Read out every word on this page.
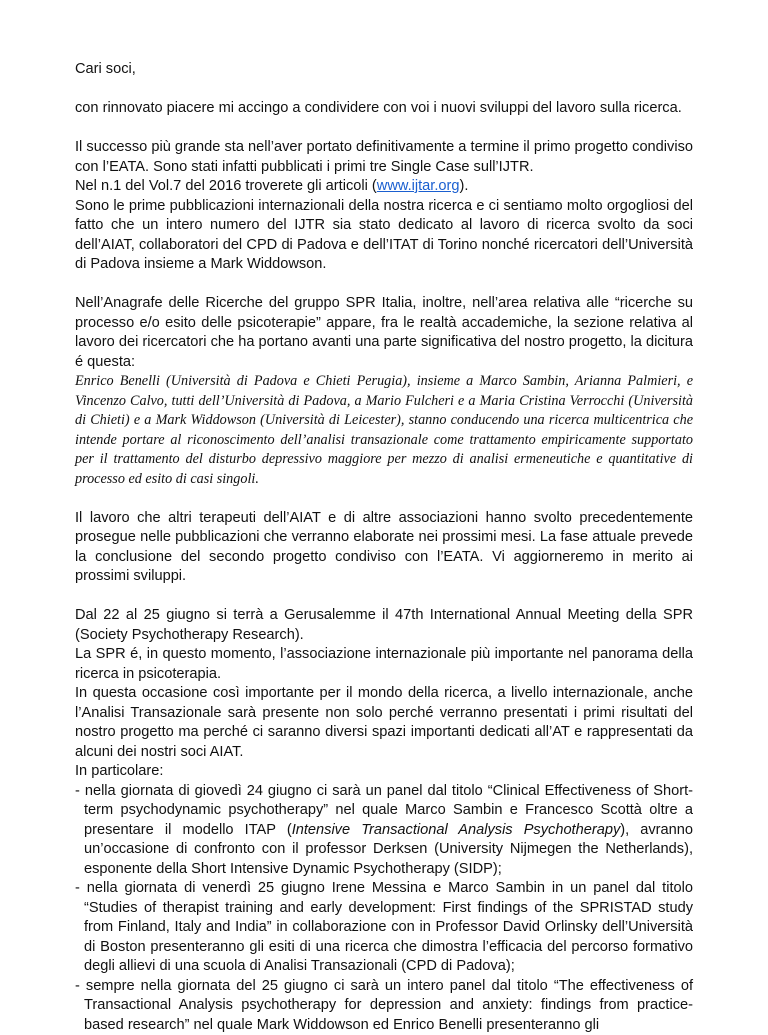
Cari soci,

con rinnovato piacere mi accingo a condividere con voi i nuovi sviluppi del lavoro sulla ricerca.

Il successo più grande sta nell’aver portato definitivamente a termine il primo progetto condiviso con l’EATA. Sono stati infatti pubblicati i primi tre Single Case sull’IJTR.

Nel n.1 del Vol.7 del 2016 troverete gli articoli (www.ijtar.org).

Sono le prime pubblicazioni internazionali della nostra ricerca e ci sentiamo molto orgogliosi del fatto che un intero numero del IJTR sia stato dedicato al lavoro di ricerca svolto da soci dell’AIAT, collaboratori del CPD di Padova e dell’ITAT di Torino nonché ricercatori dell’Università di Padova insieme a Mark Widdowson.

Nell’Anagrafe delle Ricerche del gruppo SPR Italia, inoltre, nell’area relativa alle “ricerche su processo e/o esito delle psicoterapie” appare, fra le realtà accademiche, la sezione relativa al lavoro dei ricercatori che ha portano avanti una parte significativa del nostro progetto, la dicitura é questa:

Enrico Benelli (Università di Padova e Chieti Perugia), insieme a Marco Sambin, Arianna Palmieri, e Vincenzo Calvo, tutti dell’Università di Padova, a Mario Fulcheri e a Maria Cristina Verrocchi (Università di Chieti) e a Mark Widdowson (Università di Leicester), stanno conducendo una ricerca multicentrica che intende portare al riconoscimento dell’analisi transazionale come trattamento empiricamente supportato per il trattamento del disturbo depressivo maggiore per mezzo di analisi ermeneutiche e quantitative di processo ed esito di casi singoli.

Il lavoro che altri terapeuti dell’AIAT e di altre associazioni hanno svolto precedentemente prosegue nelle pubblicazioni che verranno elaborate nei prossimi mesi. La fase attuale prevede la conclusione del secondo progetto condiviso con l’EATA. Vi aggiorneremo in merito ai prossimi sviluppi.

Dal 22 al 25 giugno si terrà a Gerusalemme il 47th International Annual Meeting della SPR (Society Psychotherapy Research).

La SPR é, in questo momento, l’associazione internazionale più importante nel panorama della ricerca in psicoterapia.

In questa occasione così importante per il mondo della ricerca, a livello internazionale, anche l’Analisi Transazionale sarà presente non solo perché verranno presentati i primi risultati del nostro progetto ma perché ci saranno diversi spazi importanti dedicati all’AT e rappresentati da alcuni dei nostri soci AIAT.

In particolare:

- nella giornata di giovedì 24 giugno ci sarà un panel dal titolo “Clinical Effectiveness of Short-term psychodynamic psychotherapy” nel quale Marco Sambin e Francesco Scottà oltre a presentare il modello ITAP (Intensive Transactional Analysis Psychotherapy), avranno un’occasione di confronto con il professor Derksen (University Nijmegen the Netherlands), esponente della Short Intensive Dynamic Psychotherapy (SIDP);

- nella giornata di venerdì 25 giugno Irene Messina e Marco Sambin in un panel dal titolo “Studies of therapist training and early development: First findings of the SPRISTAD study from Finland, Italy and India” in collaborazione con in Professor David Orlinsky dell’Università di Boston presenteranno gli esiti di una ricerca che dimostra l’efficacia del percorso formativo degli allievi di una scuola di Analisi Transazionali (CPD di Padova);

- sempre nella giornata del 25 giugno ci sarà un intero panel dal titolo “The effectiveness of Transactional Analysis psychotherapy for depression and anxiety: findings from practice-based research” nel quale Mark Widdowson ed Enrico Benelli presenteranno gli
